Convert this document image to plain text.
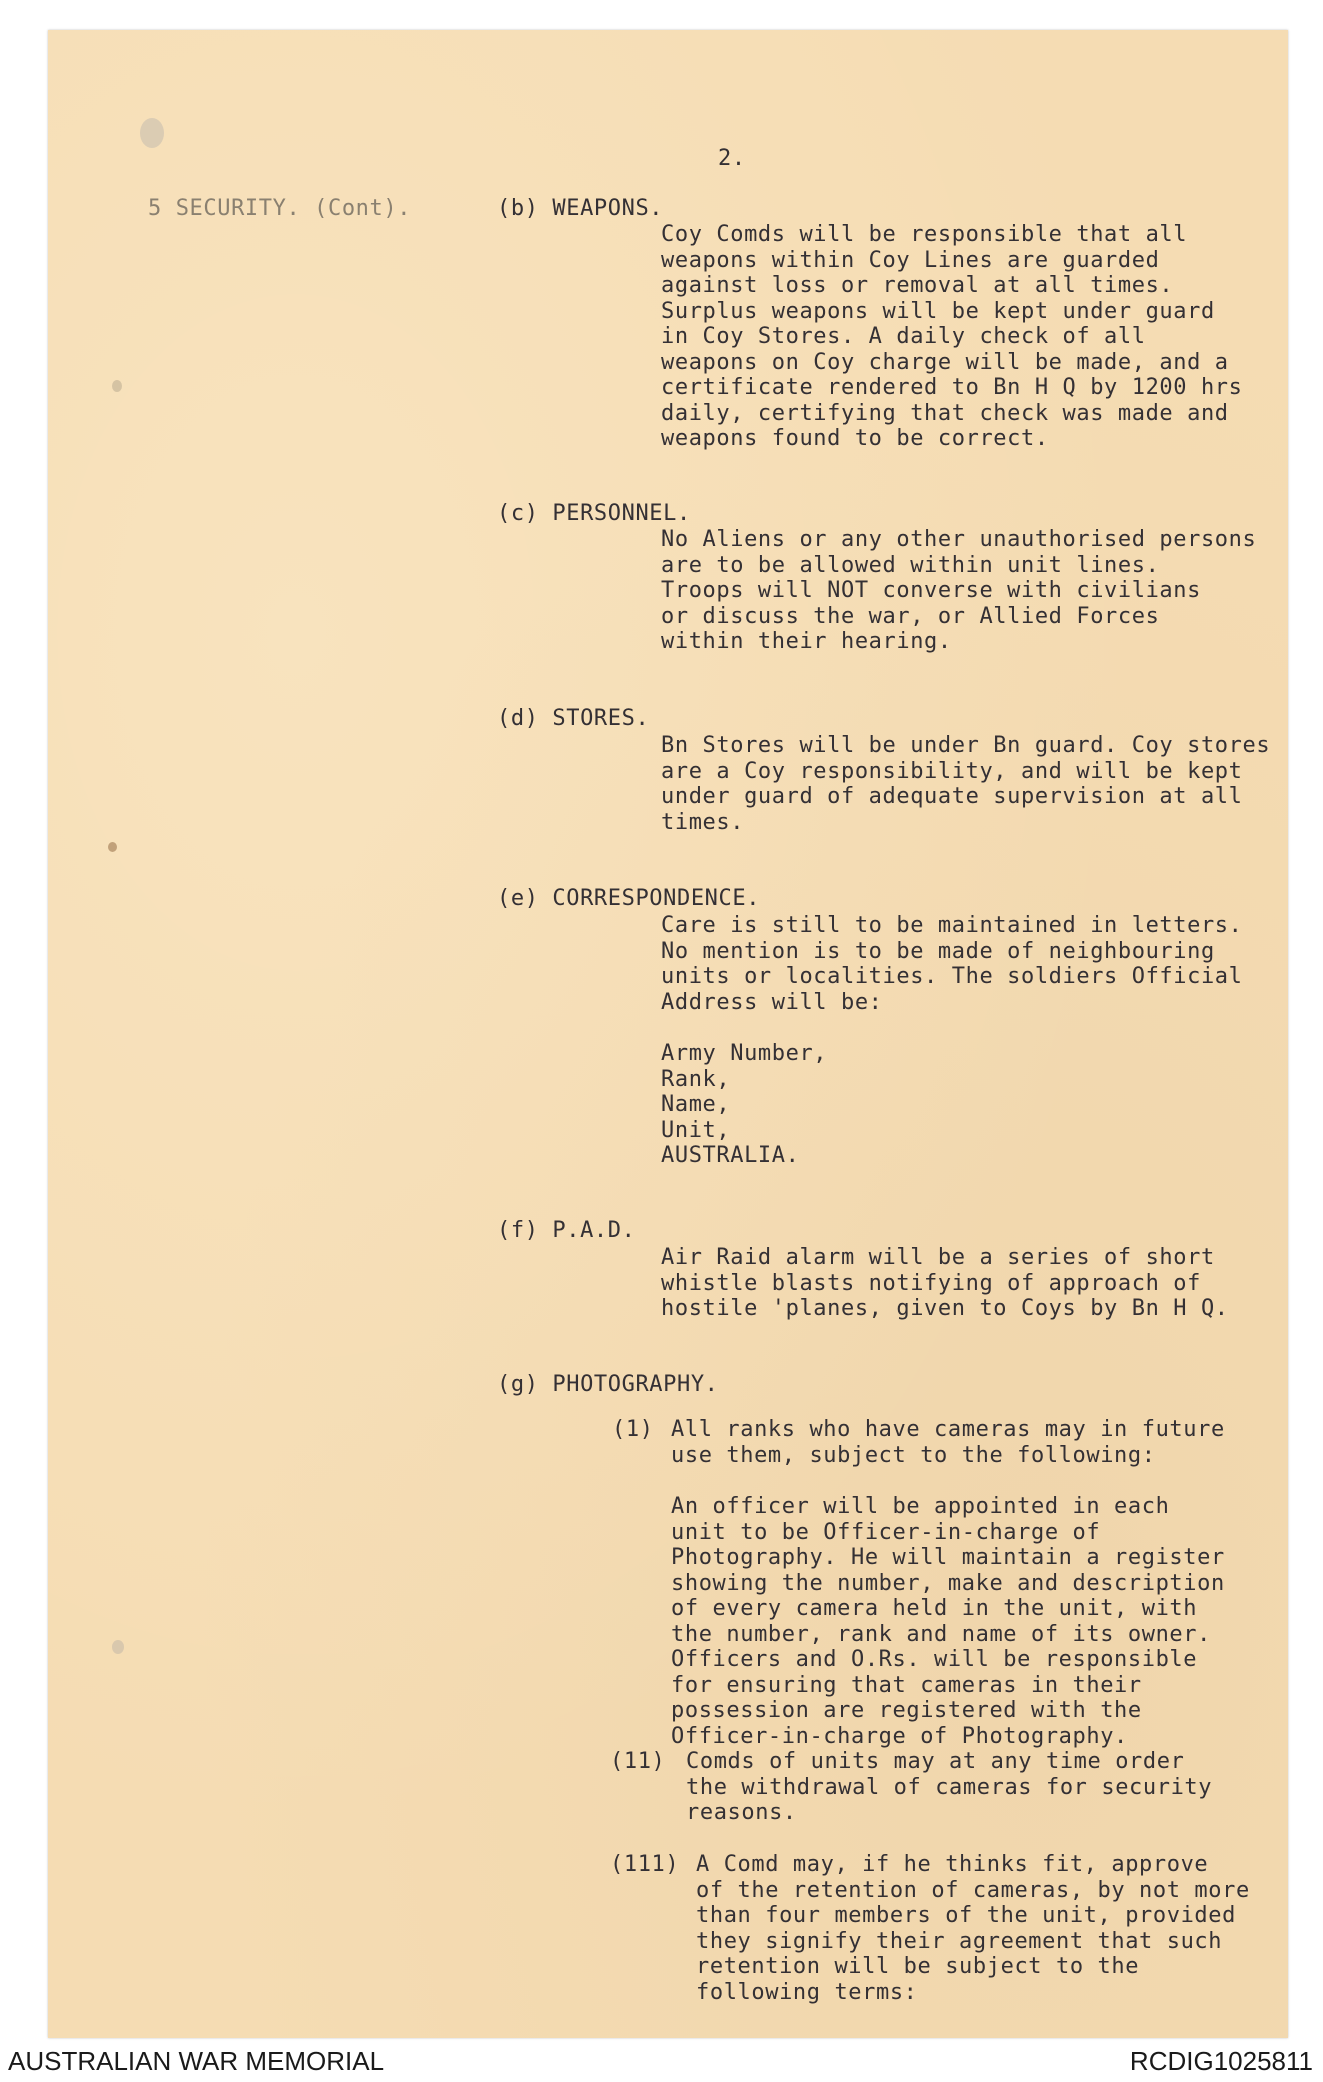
2.
5 SECURITY. (Cont).	(b) WEAPONS.
Coy Comds will be responsible that all
weapons within Coy Lines are guarded
against loss or removal at all times.
Surplus weapons will be kept under guard
in Coy Stores. A daily check of all
weapons on Coy charge will be made, and a
certificate rendered to Bn H Q by 1200 hrs
daily, certifying that check was made and
weapons found to be correct.
(c) PERSONNEL.
No Aliens or any other unauthorised persons
are to be allowed within unit lines.
Troops will NOT converse with civilians
or discuss the war, or Allied Forces
within their hearing.
(d) STORES.
Bn Stores will be under Bn guard. Coy stores
are a Coy responsibility, and will be kept
under guard of adequate supervision at all
times.
(e) CORRESPONDENCE.
Care is still to be maintained in letters.
No mention is to be made of neighbouring
units or localities. The soldiers Official
Address will be:
Army Number,
Rank,
Name,
Unit,
AUSTRALIA.
(f) P.A.D.
Air Raid alarm will be a series of short
whistle blasts notifying of approach of
hostile 'planes, given to Coys by Bn H Q.
(g) PHOTOGRAPHY.
(1) All ranks who have cameras may in future
use them, subject to the following:
An officer will be appointed in each
unit to be Officer-in-charge of
Photography. He will maintain a register
showing the number, make and description
of every camera held in the unit, with
the number, rank and name of its owner.
Officers and O.Rs. will be responsible
for ensuring that cameras in their
possession are registered with the
Officer-in-charge of Photography.
(11) Comds of units may at any time order
the withdrawal of cameras for security
reasons.
(111) A Comd may, if he thinks fit, approve
of the retention of cameras, by not more
than four members of the unit, provided
they signify their agreement that such
retention will be subject to the
following terms:
AUSTRALIAN WAR MEMORIAL	RCDIG1025811
